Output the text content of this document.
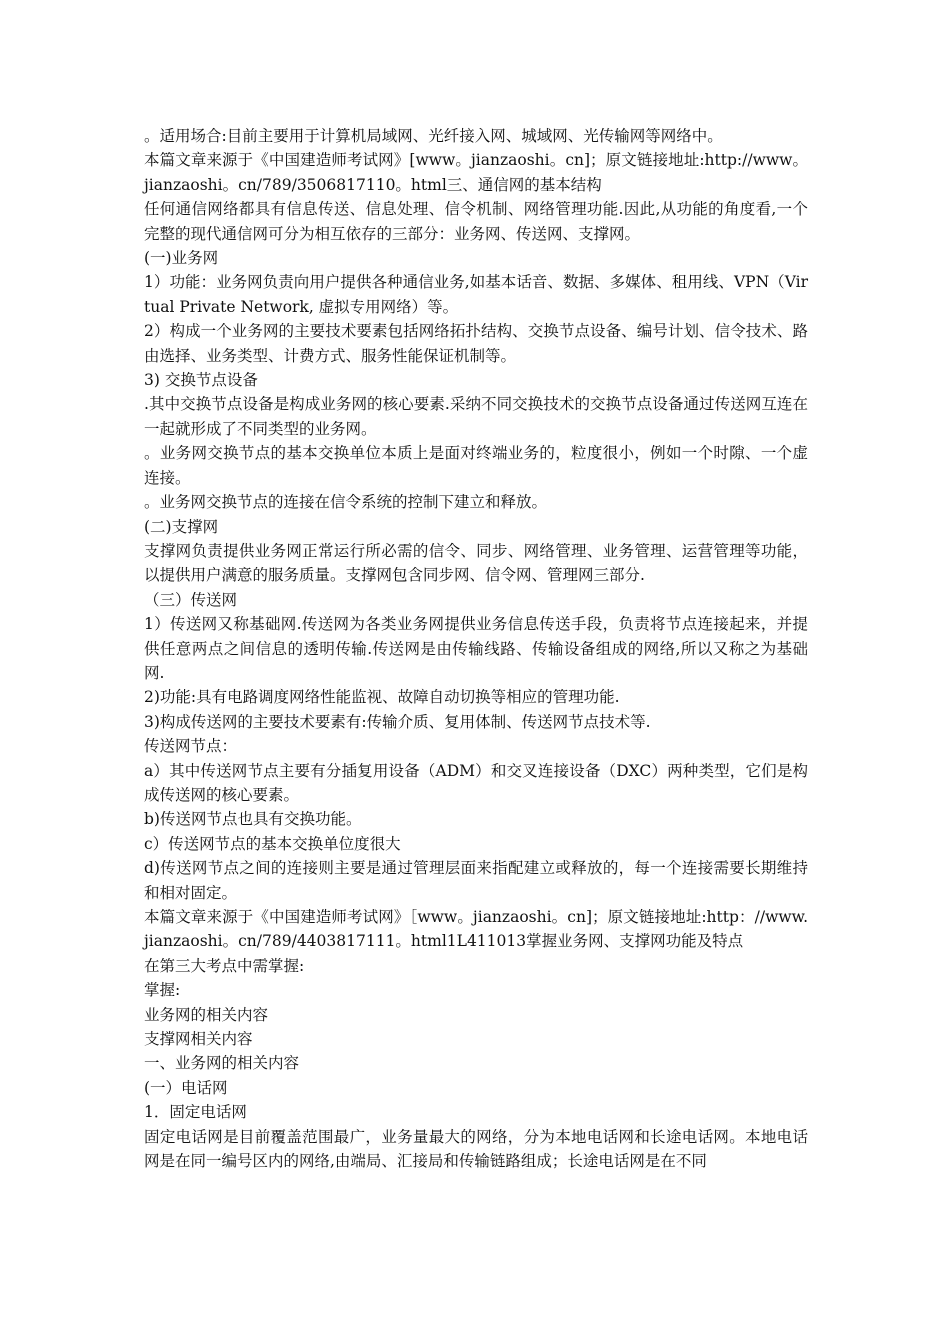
。适用场合:目前主要用于计算机局域网、光纤接入网、城域网、光传输网等网络中。

本篇文章来源于《中国建造师考试网》[www。jianzaoshi。cn]；原文链接地址:http://www。jianzaoshi。cn/789/3506817110。html三、通信网的基本结构

任何通信网络都具有信息传送、信息处理、信令机制、网络管理功能.因此,从功能的角度看,一个完整的现代通信网可分为相互依存的三部分：业务网、传送网、支撑网。

(一)业务网

1）功能：业务网负责向用户提供各种通信业务,如基本话音、数据、多媒体、租用线、VPN（Virtual Private Network, 虚拟专用网络）等。

2）构成一个业务网的主要技术要素包括网络拓扑结构、交换节点设备、编号计划、信令技术、路由选择、业务类型、计费方式、服务性能保证机制等。

3) 交换节点设备

.其中交换节点设备是构成业务网的核心要素.采纳不同交换技术的交换节点设备通过传送网互连在一起就形成了不同类型的业务网。

。业务网交换节点的基本交换单位本质上是面对终端业务的，粒度很小，例如一个时隙、一个虚连接。

。业务网交换节点的连接在信令系统的控制下建立和释放。

(二)支撑网

支撑网负责提供业务网正常运行所必需的信令、同步、网络管理、业务管理、运营管理等功能，以提供用户满意的服务质量。支撑网包含同步网、信令网、管理网三部分.

（三）传送网

1）传送网又称基础网.传送网为各类业务网提供业务信息传送手段，负责将节点连接起来，并提供任意两点之间信息的透明传输.传送网是由传输线路、传输设备组成的网络,所以又称之为基础网.

2)功能:具有电路调度网络性能监视、故障自动切换等相应的管理功能.

3)构成传送网的主要技术要素有:传输介质、复用体制、传送网节点技术等.

传送网节点：

a）其中传送网节点主要有分插复用设备（ADM）和交叉连接设备（DXC）两种类型，它们是构成传送网的核心要素。

b)传送网节点也具有交换功能。

c）传送网节点的基本交换单位度很大

d)传送网节点之间的连接则主要是通过管理层面来指配建立或释放的，每一个连接需要长期维持和相对固定。

本篇文章来源于《中国建造师考试网》［www。jianzaoshi。cn]；原文链接地址:http：//www.jianzaoshi。cn/789/4403817111。html1L411013掌握业务网、支撑网功能及特点

在第三大考点中需掌握:

掌握:

业务网的相关内容

支撑网相关内容

一、业务网的相关内容

(一）电话网

1．固定电话网

固定电话网是目前覆盖范围最广，业务量最大的网络，分为本地电话网和长途电话网。本地电话网是在同一编号区内的网络,由端局、汇接局和传输链路组成；长途电话网是在不同
